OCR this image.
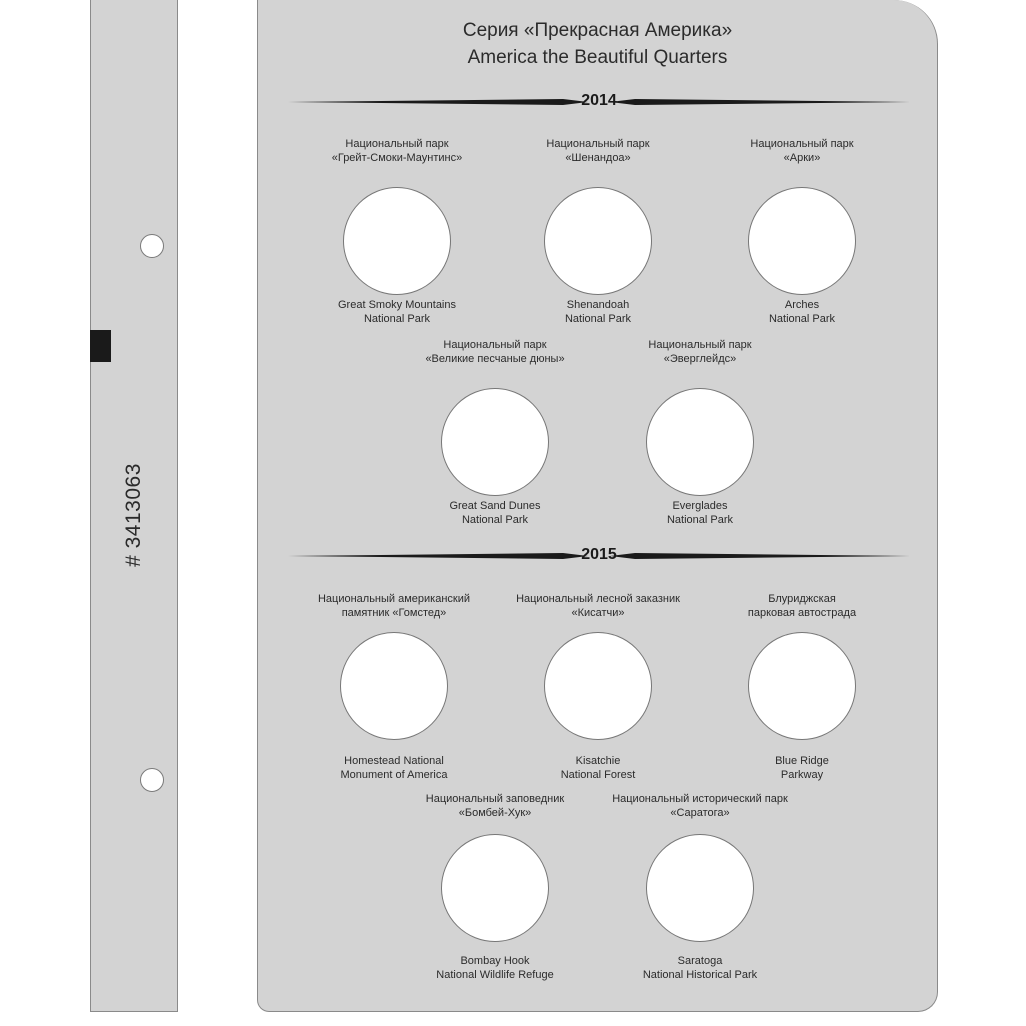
# 3413063
Серия «Прекрасная Америка»
America the Beautiful Quarters
2014
2015
Национальный парк
«Грейт-Смоки-Маунтинс»
Great Smoky Mountains
National Park
Национальный парк
«Шенандоа»
Shenandoah
National Park
Национальный парк
«Арки»
Arches
National Park
Национальный парк
«Великие песчаные дюны»
Great Sand Dunes
National Park
Национальный парк
«Эверглейдс»
Everglades
National Park
Национальный американский
памятник «Гомстед»
Homestead National
Monument of America
Национальный лесной заказник
«Кисатчи»
Kisatchie
National Forest
Блуриджская
парковая автострада
Blue Ridge
Parkway
Национальный заповедник
«Бомбей-Хук»
Bombay Hook
National Wildlife Refuge
Национальный исторический парк
«Саратога»
Saratoga
National Historical Park
